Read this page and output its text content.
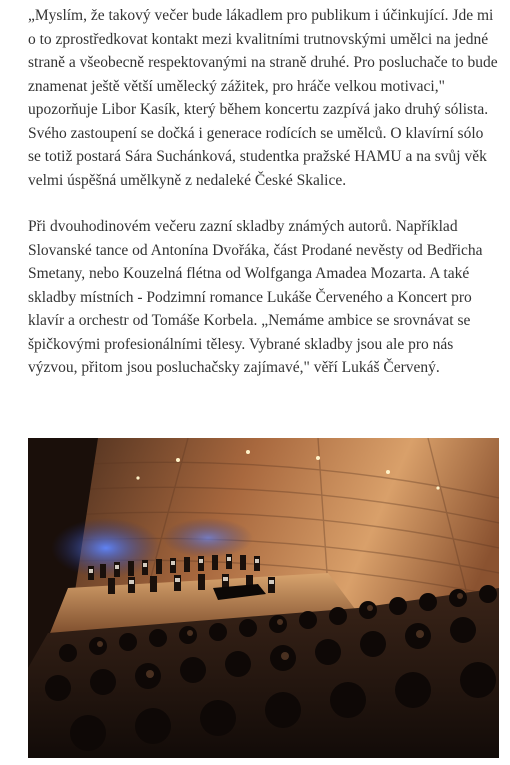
„Myslím, že takový večer bude lákadlem pro publikum i účinkující. Jde mi o to zprostředkovat kontakt mezi kvalitními trutnovskými umělci na jedné straně a všeobecně respektovanými na straně druhé. Pro posluchače to bude znamenat ještě větší umělecký zážitek, pro hráče velkou motivaci," upozorňuje Libor Kasík, který během koncertu zazpívá jako druhý sólista. Svého zastoupení se dočká i generace rodících se umělců. O klavírní sólo se totiž postará Sára Suchánková, studentka pražské HAMU a na svůj věk velmi úspěšná umělkyně z nedaleké České Skalice.

Při dvouhodinovém večeru zazní skladby známých autorů. Například Slovanské tance od Antonína Dvořáka, část Prodané nevěsty od Bedřicha Smetany, nebo Kouzelná flétna od Wolfganga Amadea Mozarta. A také skladby místních - Podzimní romance Lukáše Červeného a Koncert pro klavír a orchestr od Tomáše Korbela. „Nemáme ambice se srovnávat se špičkovými profesionálními tělesy. Vybrané skladby jsou ale pro nás výzvou, přitom jsou posluchačsky zajímavé," věří Lukáš Červený.
